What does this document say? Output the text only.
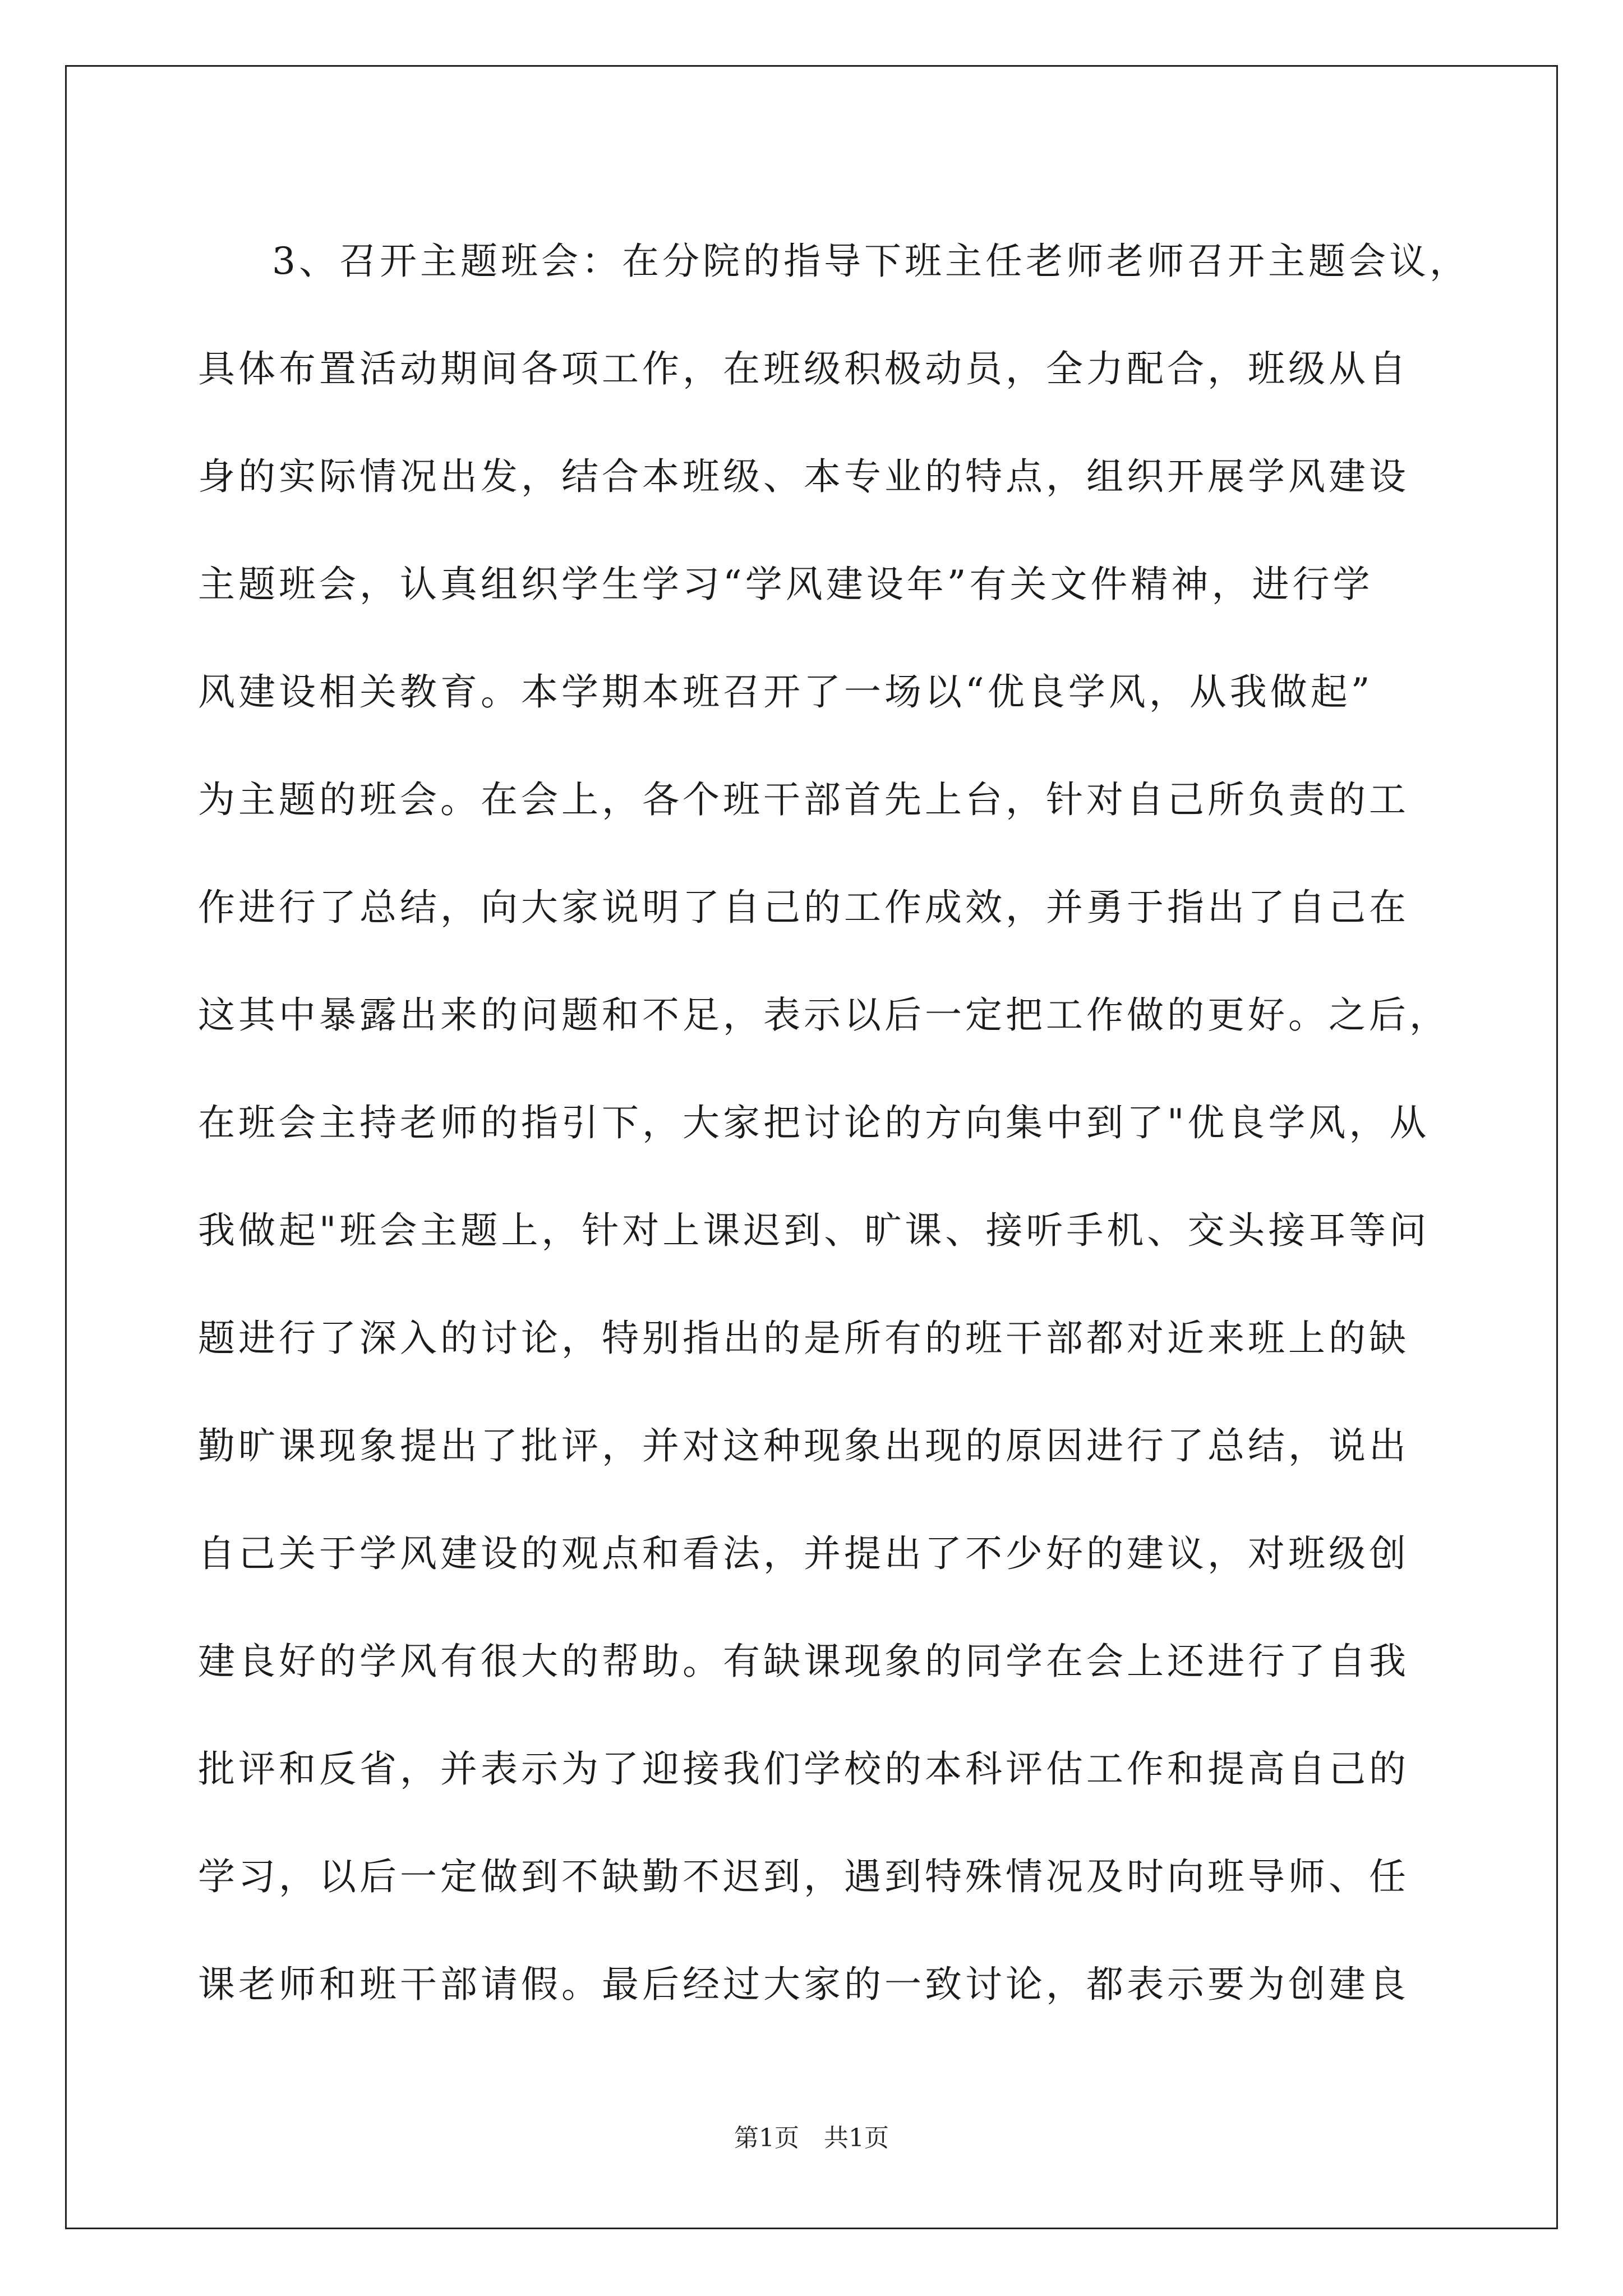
3、召开主题班会：在分院的指导下班主任老师老师召开主题会议，
具体布置活动期间各项工作，在班级积极动员，全力配合，班级从自
身的实际情况出发，结合本班级、本专业的特点，组织开展学风建设
主题班会，认真组织学生学习“学风建设年”有关文件精神，进行学
风建设相关教育。本学期本班召开了一场以“优良学风，从我做起”
为主题的班会。在会上，各个班干部首先上台，针对自己所负责的工
作进行了总结，向大家说明了自己的工作成效，并勇于指出了自己在
这其中暴露出来的问题和不足，表示以后一定把工作做的更好。之后，
在班会主持老师的指引下，大家把讨论的方向集中到了"优良学风，从
我做起"班会主题上，针对上课迟到、旷课、接听手机、交头接耳等问
题进行了深入的讨论，特别指出的是所有的班干部都对近来班上的缺
勤旷课现象提出了批评，并对这种现象出现的原因进行了总结，说出
自己关于学风建设的观点和看法，并提出了不少好的建议，对班级创
建良好的学风有很大的帮助。有缺课现象的同学在会上还进行了自我
批评和反省，并表示为了迎接我们学校的本科评估工作和提高自己的
学习，以后一定做到不缺勤不迟到，遇到特殊情况及时向班导师、任
课老师和班干部请假。最后经过大家的一致讨论，都表示要为创建良
第1页　共1页
